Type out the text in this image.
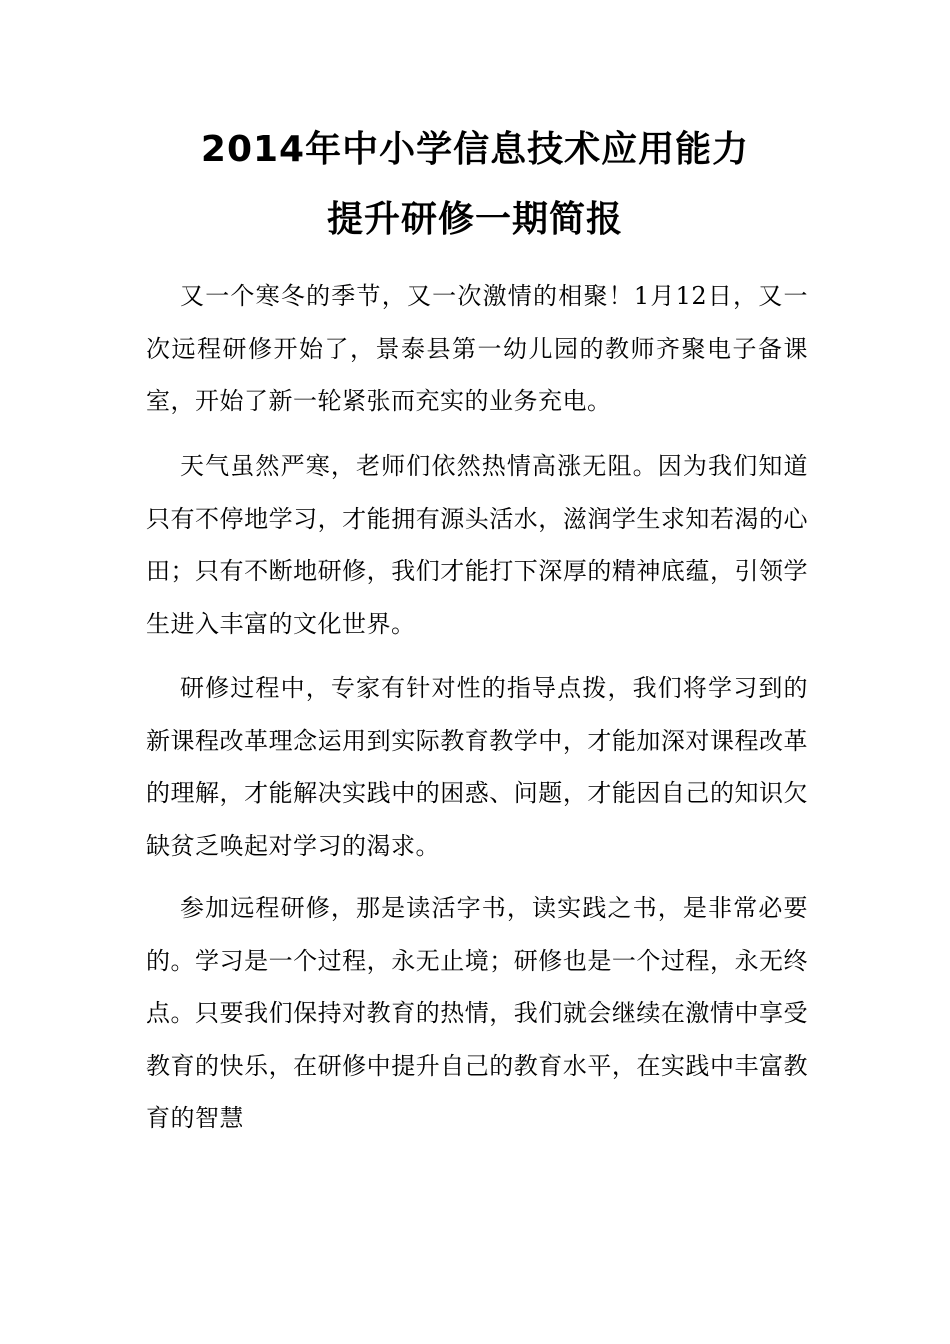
2014年中小学信息技术应用能力
提升研修一期简报

又一个寒冬的季节，又一次激情的相聚！1月12日，又一次远程研修开始了，景泰县第一幼儿园的教师齐聚电子备课室，开始了新一轮紧张而充实的业务充电。

天气虽然严寒，老师们依然热情高涨无阻。因为我们知道只有不停地学习，才能拥有源头活水，滋润学生求知若渴的心田；只有不断地研修，我们才能打下深厚的精神底蕴，引领学生进入丰富的文化世界。

研修过程中，专家有针对性的指导点拨，我们将学习到的新课程改革理念运用到实际教育教学中，才能加深对课程改革的理解，才能解决实践中的困惑、问题，才能因自己的知识欠缺贫乏唤起对学习的渴求。

参加远程研修，那是读活字书，读实践之书，是非常必要的。学习是一个过程，永无止境；研修也是一个过程，永无终点。只要我们保持对教育的热情，我们就会继续在激情中享受教育的快乐，在研修中提升自己的教育水平，在实践中丰富教育的智慧
